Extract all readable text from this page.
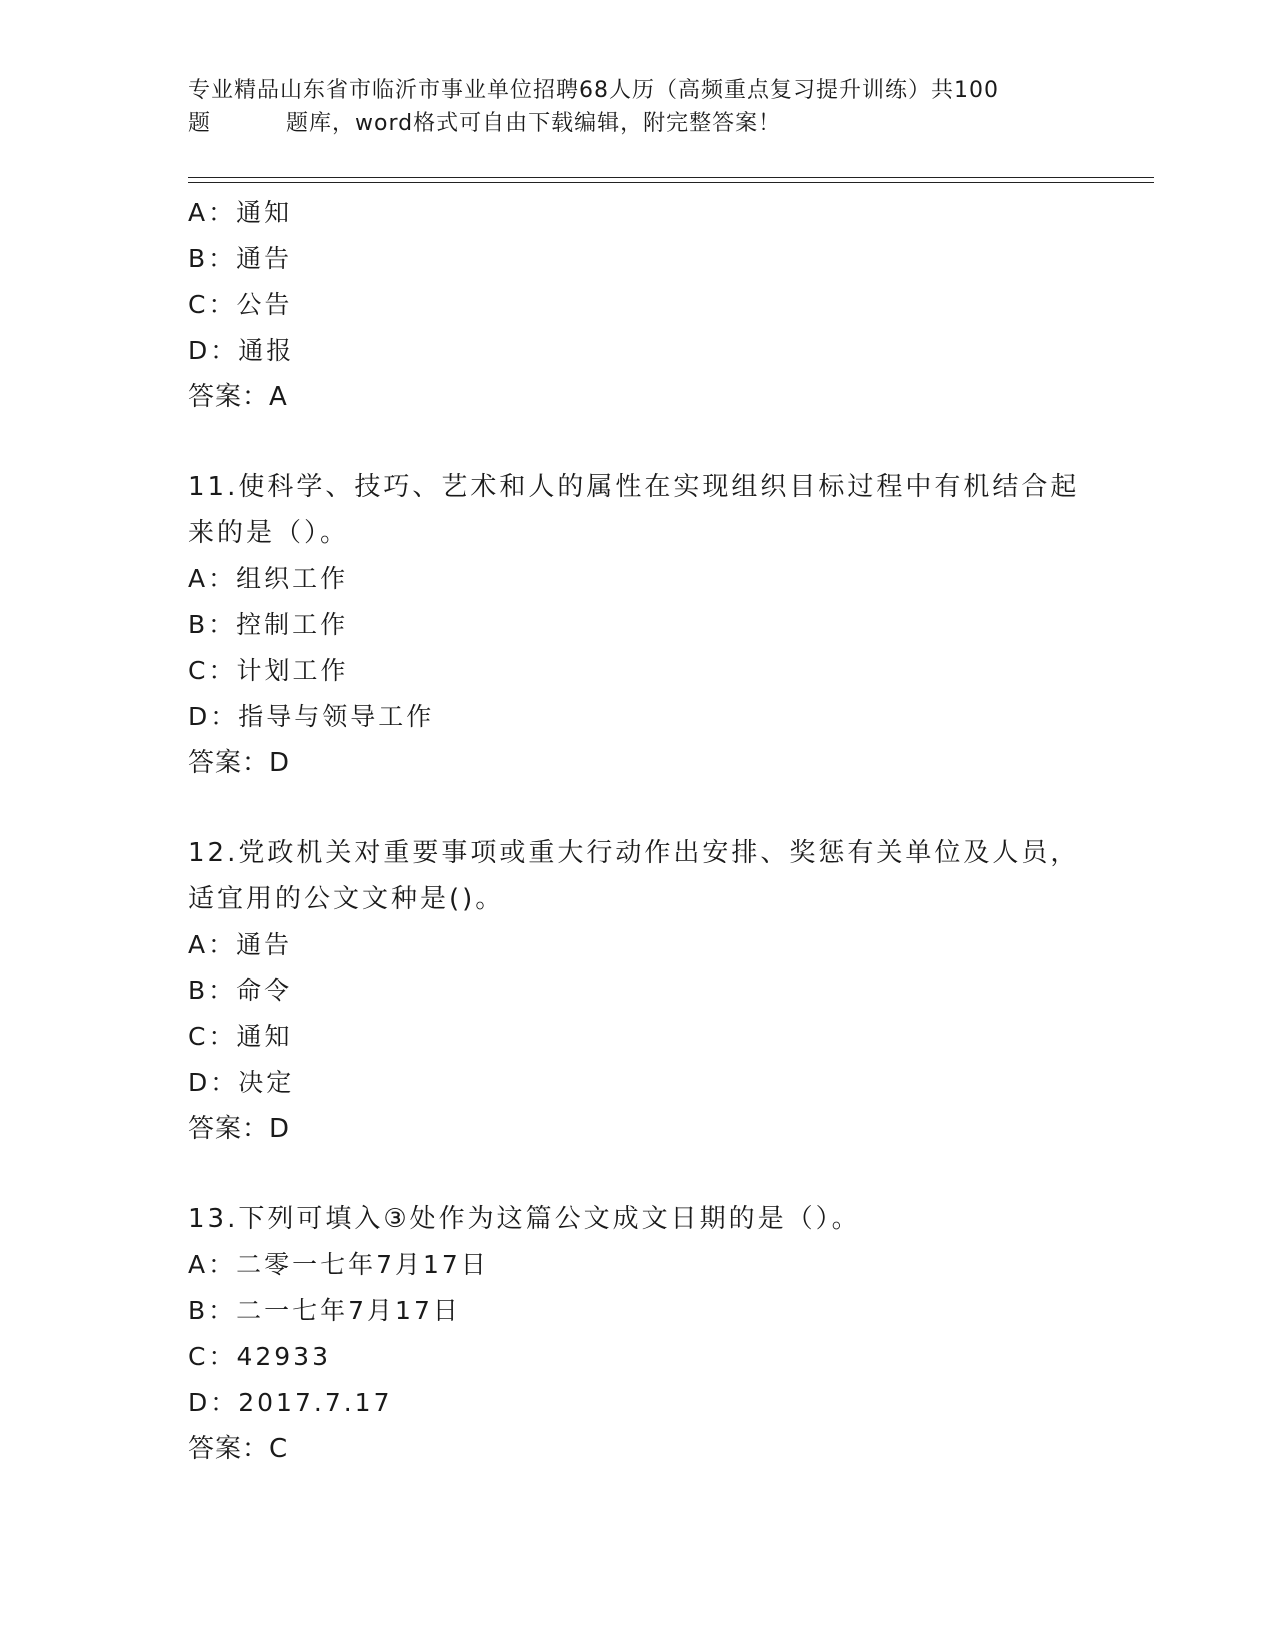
专业精品山东省市临沂市事业单位招聘68人历（高频重点复习提升训练）共100
题	题库，word格式可自由下载编辑，附完整答案！
A：通知
B：通告
C：公告
D：通报
答案：A
11.使科学、技巧、艺术和人的属性在实现组织目标过程中有机结合起
来的是（）。
A：组织工作
B：控制工作
C：计划工作
D：指导与领导工作
答案：D
12.党政机关对重要事项或重大行动作出安排、奖惩有关单位及人员，
适宜用的公文文种是()。
A：通告
B：命令
C：通知
D：决定
答案：D
13.下列可填入③处作为这篇公文成文日期的是（）。
A：二零一七年7月17日
B：二一七年7月17日
C：42933
D：2017.7.17
答案：C
